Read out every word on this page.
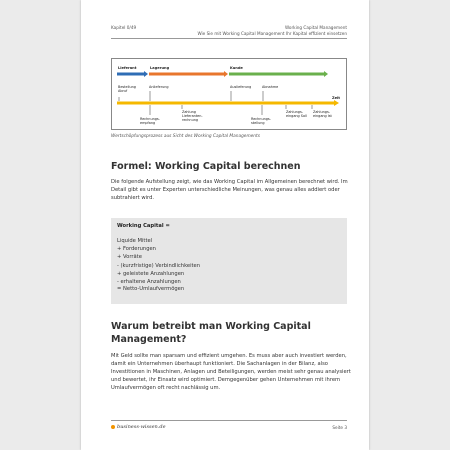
Kapitel 0/49	Working Capital Management
Wie Sie mit Working Capital Management Ihr Kapital effizient einsetzen
Lieferant	Lagerung	Kunde
Bestellung Abruf
Anlieferung	Auslieferung	Abnahme
Zeit
Rechnungs-empfang
Zahlung Lieferanten-rechnung	Rechnungs-stellung
Zahlungs-eingang Soll
Zahlungs-eingang Ist
Wertschöpfungsprozess aus Sicht des Working Capital Managements
Formel: Working Capital berechnen

Die folgende Aufstellung zeigt, wie das Working Capital im Allgemeinen berechnet wird. Im Detail gibt es unter Experten unterschiedliche Meinungen, was genau alles addiert oder subtrahiert wird.

Working Capital =
Liquide Mittel
+ Forderungen
+ Vorräte
- (kurzfristige) Verbindlichkeiten
+ geleistete Anzahlungen
- erhaltene Anzahlungen
= Netto-Umlaufvermögen
Warum betreibt man Working Capital Management?

Mit Geld sollte man sparsam und effizient umgehen. Es muss aber auch investiert werden, damit ein Unternehmen überhaupt funktioniert. Die Sachanlagen in der Bilanz, also Investitionen in Maschinen, Anlagen und Beteiligungen, werden meist sehr genau analysiert und bewertet, ihr Einsatz wird optimiert. Demgegenüber gehen Unternehmen mit ihrem Umlaufvermögen oft recht nachlässig um.

business-wissen.de	Seite 3
